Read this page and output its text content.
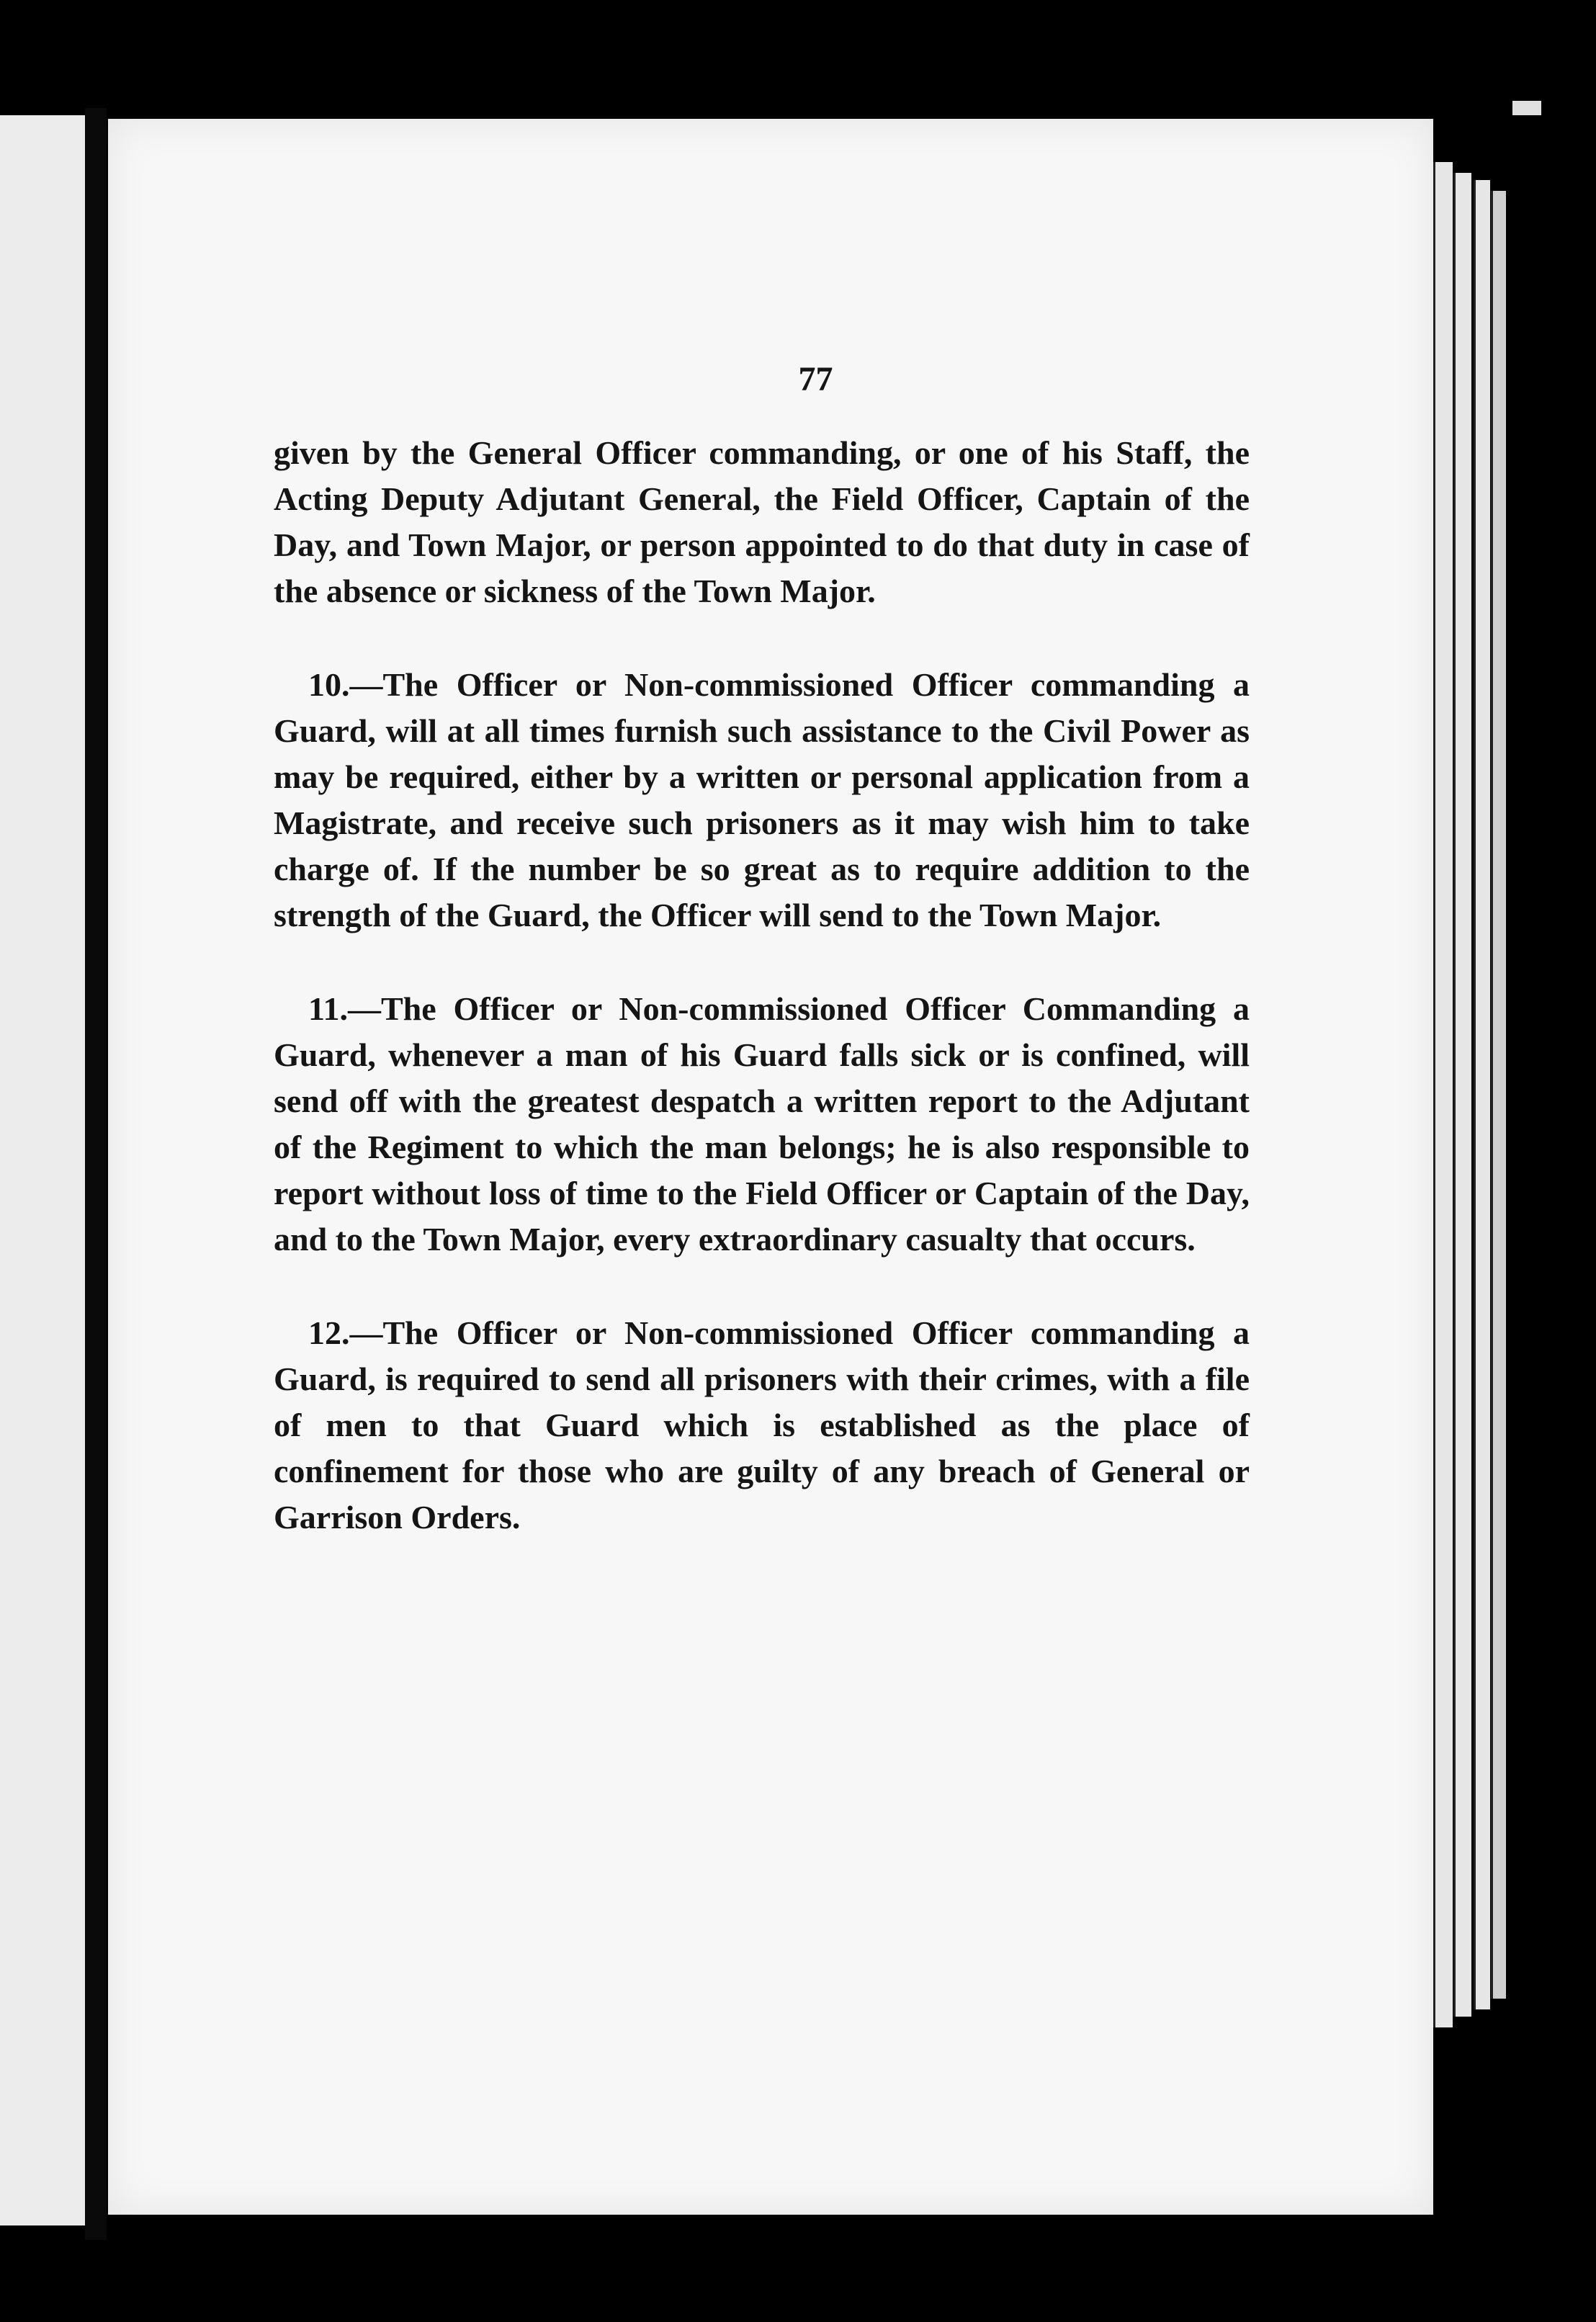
77

given by the General Officer commanding, or one of his Staff, the Acting Deputy Adjutant General, the Field Officer, Captain of the Day, and Town Major, or person appointed to do that duty in case of the absence or sickness of the Town Major.

10.—The Officer or Non-commissioned Officer commanding a Guard, will at all times furnish such assistance to the Civil Power as may be required, either by a written or personal application from a Magistrate, and receive such prisoners as it may wish him to take charge of. If the number be so great as to require addition to the strength of the Guard, the Officer will send to the Town Major.

11.—The Officer or Non-commissioned Officer Commanding a Guard, whenever a man of his Guard falls sick or is confined, will send off with the greatest despatch a written report to the Adjutant of the Regiment to which the man belongs; he is also responsible to report without loss of time to the Field Officer or Captain of the Day, and to the Town Major, every extraordinary casualty that occurs.

12.—The Officer or Non-commissioned Officer commanding a Guard, is required to send all prisoners with their crimes, with a file of men to that Guard which is established as the place of confinement for those who are guilty of any breach of General or Garrison Orders.
